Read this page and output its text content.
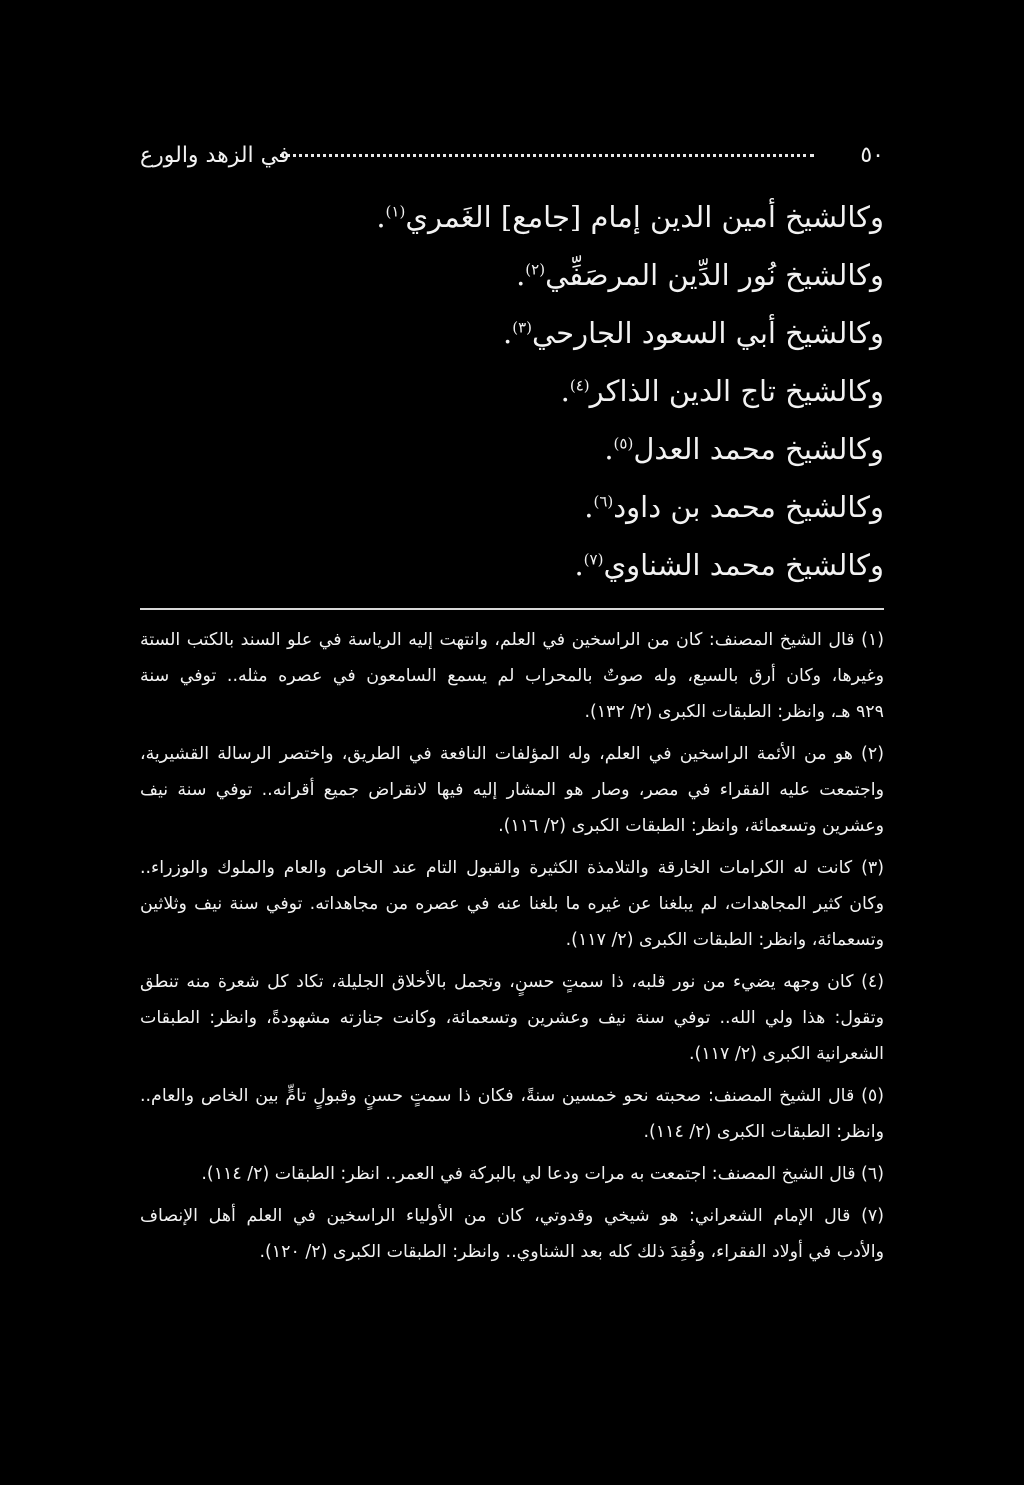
٥٠
في الزهد والورع
وكالشيخ أمين الدين إمام [جامع] الغَمري$^{(١)}$.
وكالشيخ نُور الدِّين المرصَفِّي$^{(٢)}$.
وكالشيخ أبي السعود الجارحي$^{(٣)}$.
وكالشيخ تاج الدين الذاكر$^{(٤)}$.
وكالشيخ محمد العدل$^{(٥)}$.
وكالشيخ محمد بن داود$^{(٦)}$.
وكالشيخ محمد الشناوي$^{(٧)}$.
(١) قال الشيخ المصنف: كان من الراسخين في العلم، وانتهت إليه الرياسة في علو السند بالكتب الستة
وغيرها، وكان أرق بالسبع، وله صوتٌ بالمحراب لم يسمع السامعون في عصره مثله.. توفي سنة
٩٢٩ هـ، وانظر: الطبقات الكبرى (٢/ ١٣٢).
(٢) هو من الأئمة الراسخين في العلم، وله المؤلفات النافعة في الطريق، واختصر الرسالة القشيرية،
واجتمعت عليه الفقراء في مصر، وصار هو المشار إليه فيها لانقراض جميع أقرانه.. توفي سنة نيف
وعشرين وتسعمائة، وانظر: الطبقات الكبرى (٢/ ١١٦).
(٣) كانت له الكرامات الخارقة والتلامذة الكثيرة والقبول التام عند الخاص والعام والملوك والوزراء..
وكان كثير المجاهدات، لم يبلغنا عن غيره ما بلغنا عنه في عصره من مجاهداته. توفي سنة نيف وثلاثين
وتسعمائة، وانظر: الطبقات الكبرى (٢/ ١١٧).
(٤) كان وجهه يضيء من نور قلبه، ذا سمتٍ حسنٍ، وتجمل بالأخلاق الجليلة، تكاد كل شعرة منه تنطق
وتقول: هذا ولي الله.. توفي سنة نيف وعشرين وتسعمائة، وكانت جنازته مشهودةً، وانظر: الطبقات
الشعرانية الكبرى (٢/ ١١٧).
(٥) قال الشيخ المصنف: صحبته نحو خمسين سنةً، فكان ذا سمتٍ حسنٍ وقبولٍ تامٍّ بين الخاص والعام..
وانظر: الطبقات الكبرى (٢/ ١١٤).
(٦) قال الشيخ المصنف: اجتمعت به مرات ودعا لي بالبركة في العمر.. انظر: الطبقات (٢/ ١١٤).
(٧) قال الإمام الشعراني: هو شيخي وقدوتي، كان من الأولياء الراسخين في العلم أهل الإنصاف
والأدب في أولاد الفقراء، وفُقِدَ ذلك كله بعد الشناوي.. وانظر: الطبقات الكبرى (٢/ ١٢٠).
